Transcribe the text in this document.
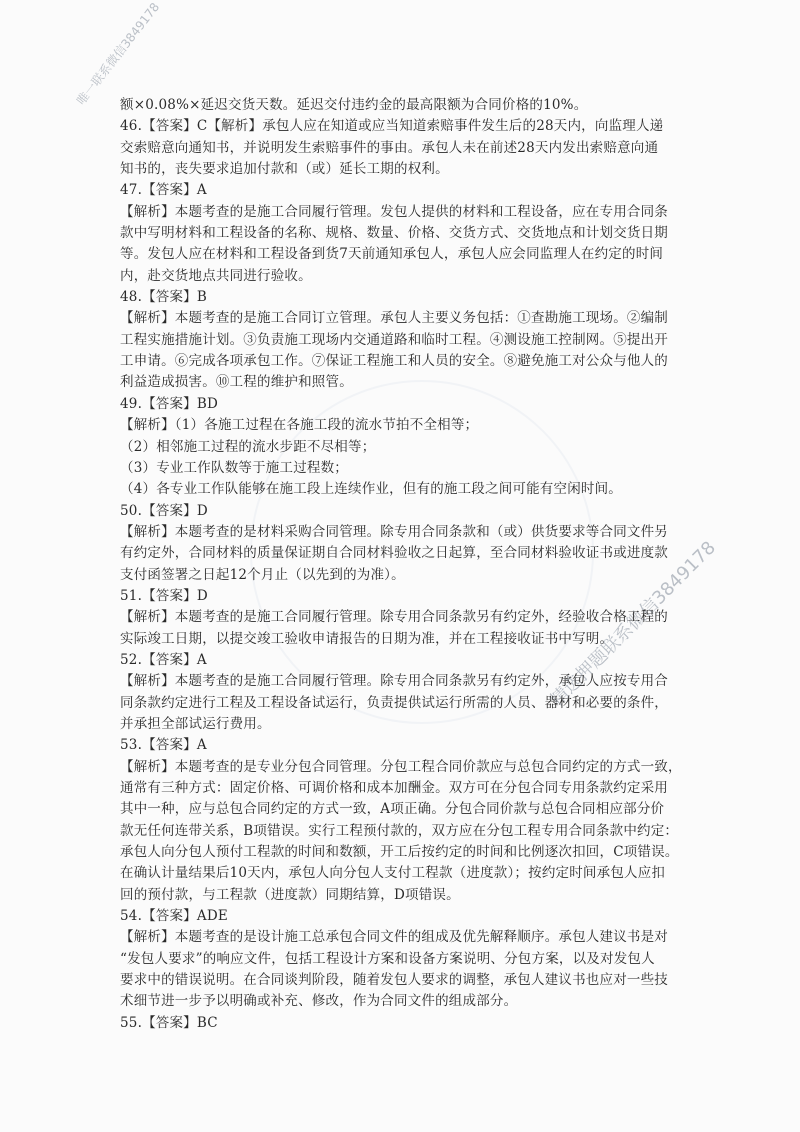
唯一联系微信3849178
精选押题联系微信3849178

额×0.08%×延迟交货天数。延迟交付违约金的最高限额为合同价格的10%。

46.【答案】C【解析】承包人应在知道或应当知道索赔事件发生后的28天内，向监理人递

交索赔意向通知书，并说明发生索赔事件的事由。承包人未在前述28天内发出索赔意向通

知书的，丧失要求追加付款和（或）延长工期的权利。

47.【答案】A

【解析】本题考查的是施工合同履行管理。发包人提供的材料和工程设备，应在专用合同条

款中写明材料和工程设备的名称、规格、数量、价格、交货方式、交货地点和计划交货日期

等。发包人应在材料和工程设备到货7天前通知承包人，承包人应会同监理人在约定的时间

内，赴交货地点共同进行验收。

48.【答案】B

【解析】本题考查的是施工合同订立管理。承包人主要义务包括：①查勘施工现场。②编制

工程实施措施计划。③负责施工现场内交通道路和临时工程。④测设施工控制网。⑤提出开

工申请。⑥完成各项承包工作。⑦保证工程施工和人员的安全。⑧避免施工对公众与他人的

利益造成损害。⑩工程的维护和照管。

49.【答案】BD

【解析】（1）各施工过程在各施工段的流水节拍不全相等；

（2）相邻施工过程的流水步距不尽相等；

（3）专业工作队数等于施工过程数；

（4）各专业工作队能够在施工段上连续作业，但有的施工段之间可能有空闲时间。

50.【答案】D

【解析】本题考查的是材料采购合同管理。除专用合同条款和（或）供货要求等合同文件另

有约定外，合同材料的质量保证期自合同材料验收之日起算，至合同材料验收证书或进度款

支付函签署之日起12个月止（以先到的为准）。

51.【答案】D

【解析】本题考查的是施工合同履行管理。除专用合同条款另有约定外，经验收合格工程的

实际竣工日期，以提交竣工验收申请报告的日期为准，并在工程接收证书中写明。

52.【答案】A

【解析】本题考查的是施工合同履行管理。除专用合同条款另有约定外，承包人应按专用合

同条款约定进行工程及工程设备试运行，负责提供试运行所需的人员、器材和必要的条件，

并承担全部试运行费用。

53.【答案】A

【解析】本题考查的是专业分包合同管理。分包工程合同价款应与总包合同约定的方式一致，

通常有三种方式：固定价格、可调价格和成本加酬金。双方可在分包合同专用条款约定采用

其中一种，应与总包合同约定的方式一致，A项正确。分包合同价款与总包合同相应部分价

款无任何连带关系，B项错误。实行工程预付款的，双方应在分包工程专用合同条款中约定：

承包人向分包人预付工程款的时间和数额，开工后按约定的时间和比例逐次扣回，C项错误。

在确认计量结果后10天内，承包人向分包人支付工程款（进度款）；按约定时间承包人应扣

回的预付款，与工程款（进度款）同期结算，D项错误。

54.【答案】ADE

【解析】本题考查的是设计施工总承包合同文件的组成及优先解释顺序。承包人建议书是对

“发包人要求”的响应文件，包括工程设计方案和设备方案说明、分包方案，以及对发包人

要求中的错误说明。在合同谈判阶段，随着发包人要求的调整，承包人建议书也应对一些技

术细节进一步予以明确或补充、修改，作为合同文件的组成部分。

55.【答案】BC
